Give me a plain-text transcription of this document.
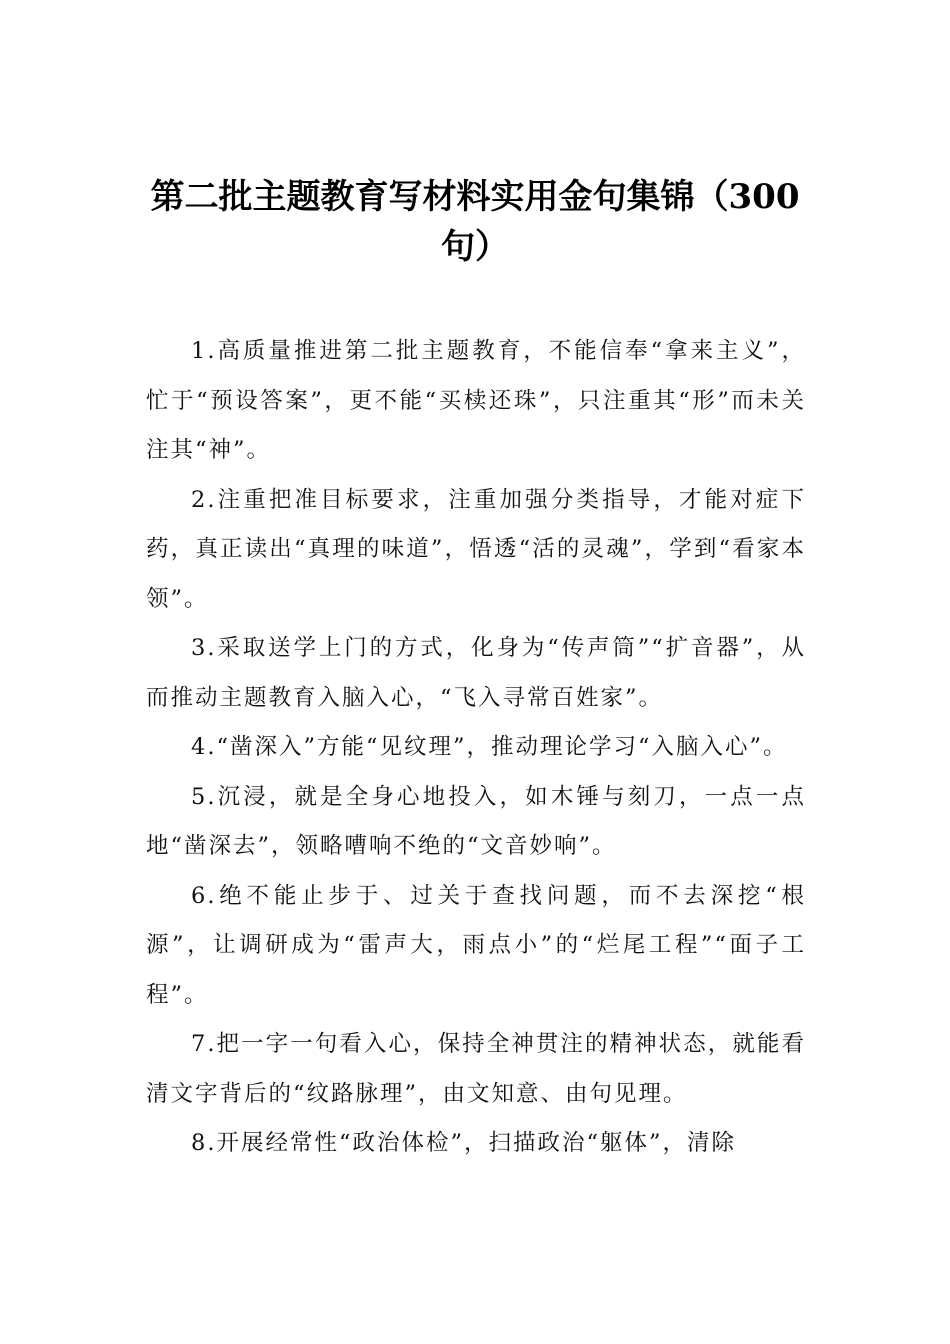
第二批主题教育写材料实用金句集锦（300句）

1.高质量推进第二批主题教育，不能信奉“拿来主义”，忙于“预设答案”，更不能“买椟还珠”，只注重其“形”而未关注其“神”。

2.注重把准目标要求，注重加强分类指导，才能对症下药，真正读出“真理的味道”，悟透“活的灵魂”，学到“看家本领”。

3.采取送学上门的方式，化身为“传声筒”“扩音器”，从而推动主题教育入脑入心，“飞入寻常百姓家”。

4.“凿深入”方能“见纹理”，推动理论学习“入脑入心”。

5.沉浸，就是全身心地投入，如木锤与刻刀，一点一点地“凿深去”，领略嘈响不绝的“文音妙响”。

6.绝不能止步于、过关于查找问题，而不去深挖“根源”，让调研成为“雷声大，雨点小”的“烂尾工程”“面子工程”。

7.把一字一句看入心，保持全神贯注的精神状态，就能看清文字背后的“纹路脉理”，由文知意、由句见理。

8.开展经常性“政治体检”，扫描政治“躯体”，清除
